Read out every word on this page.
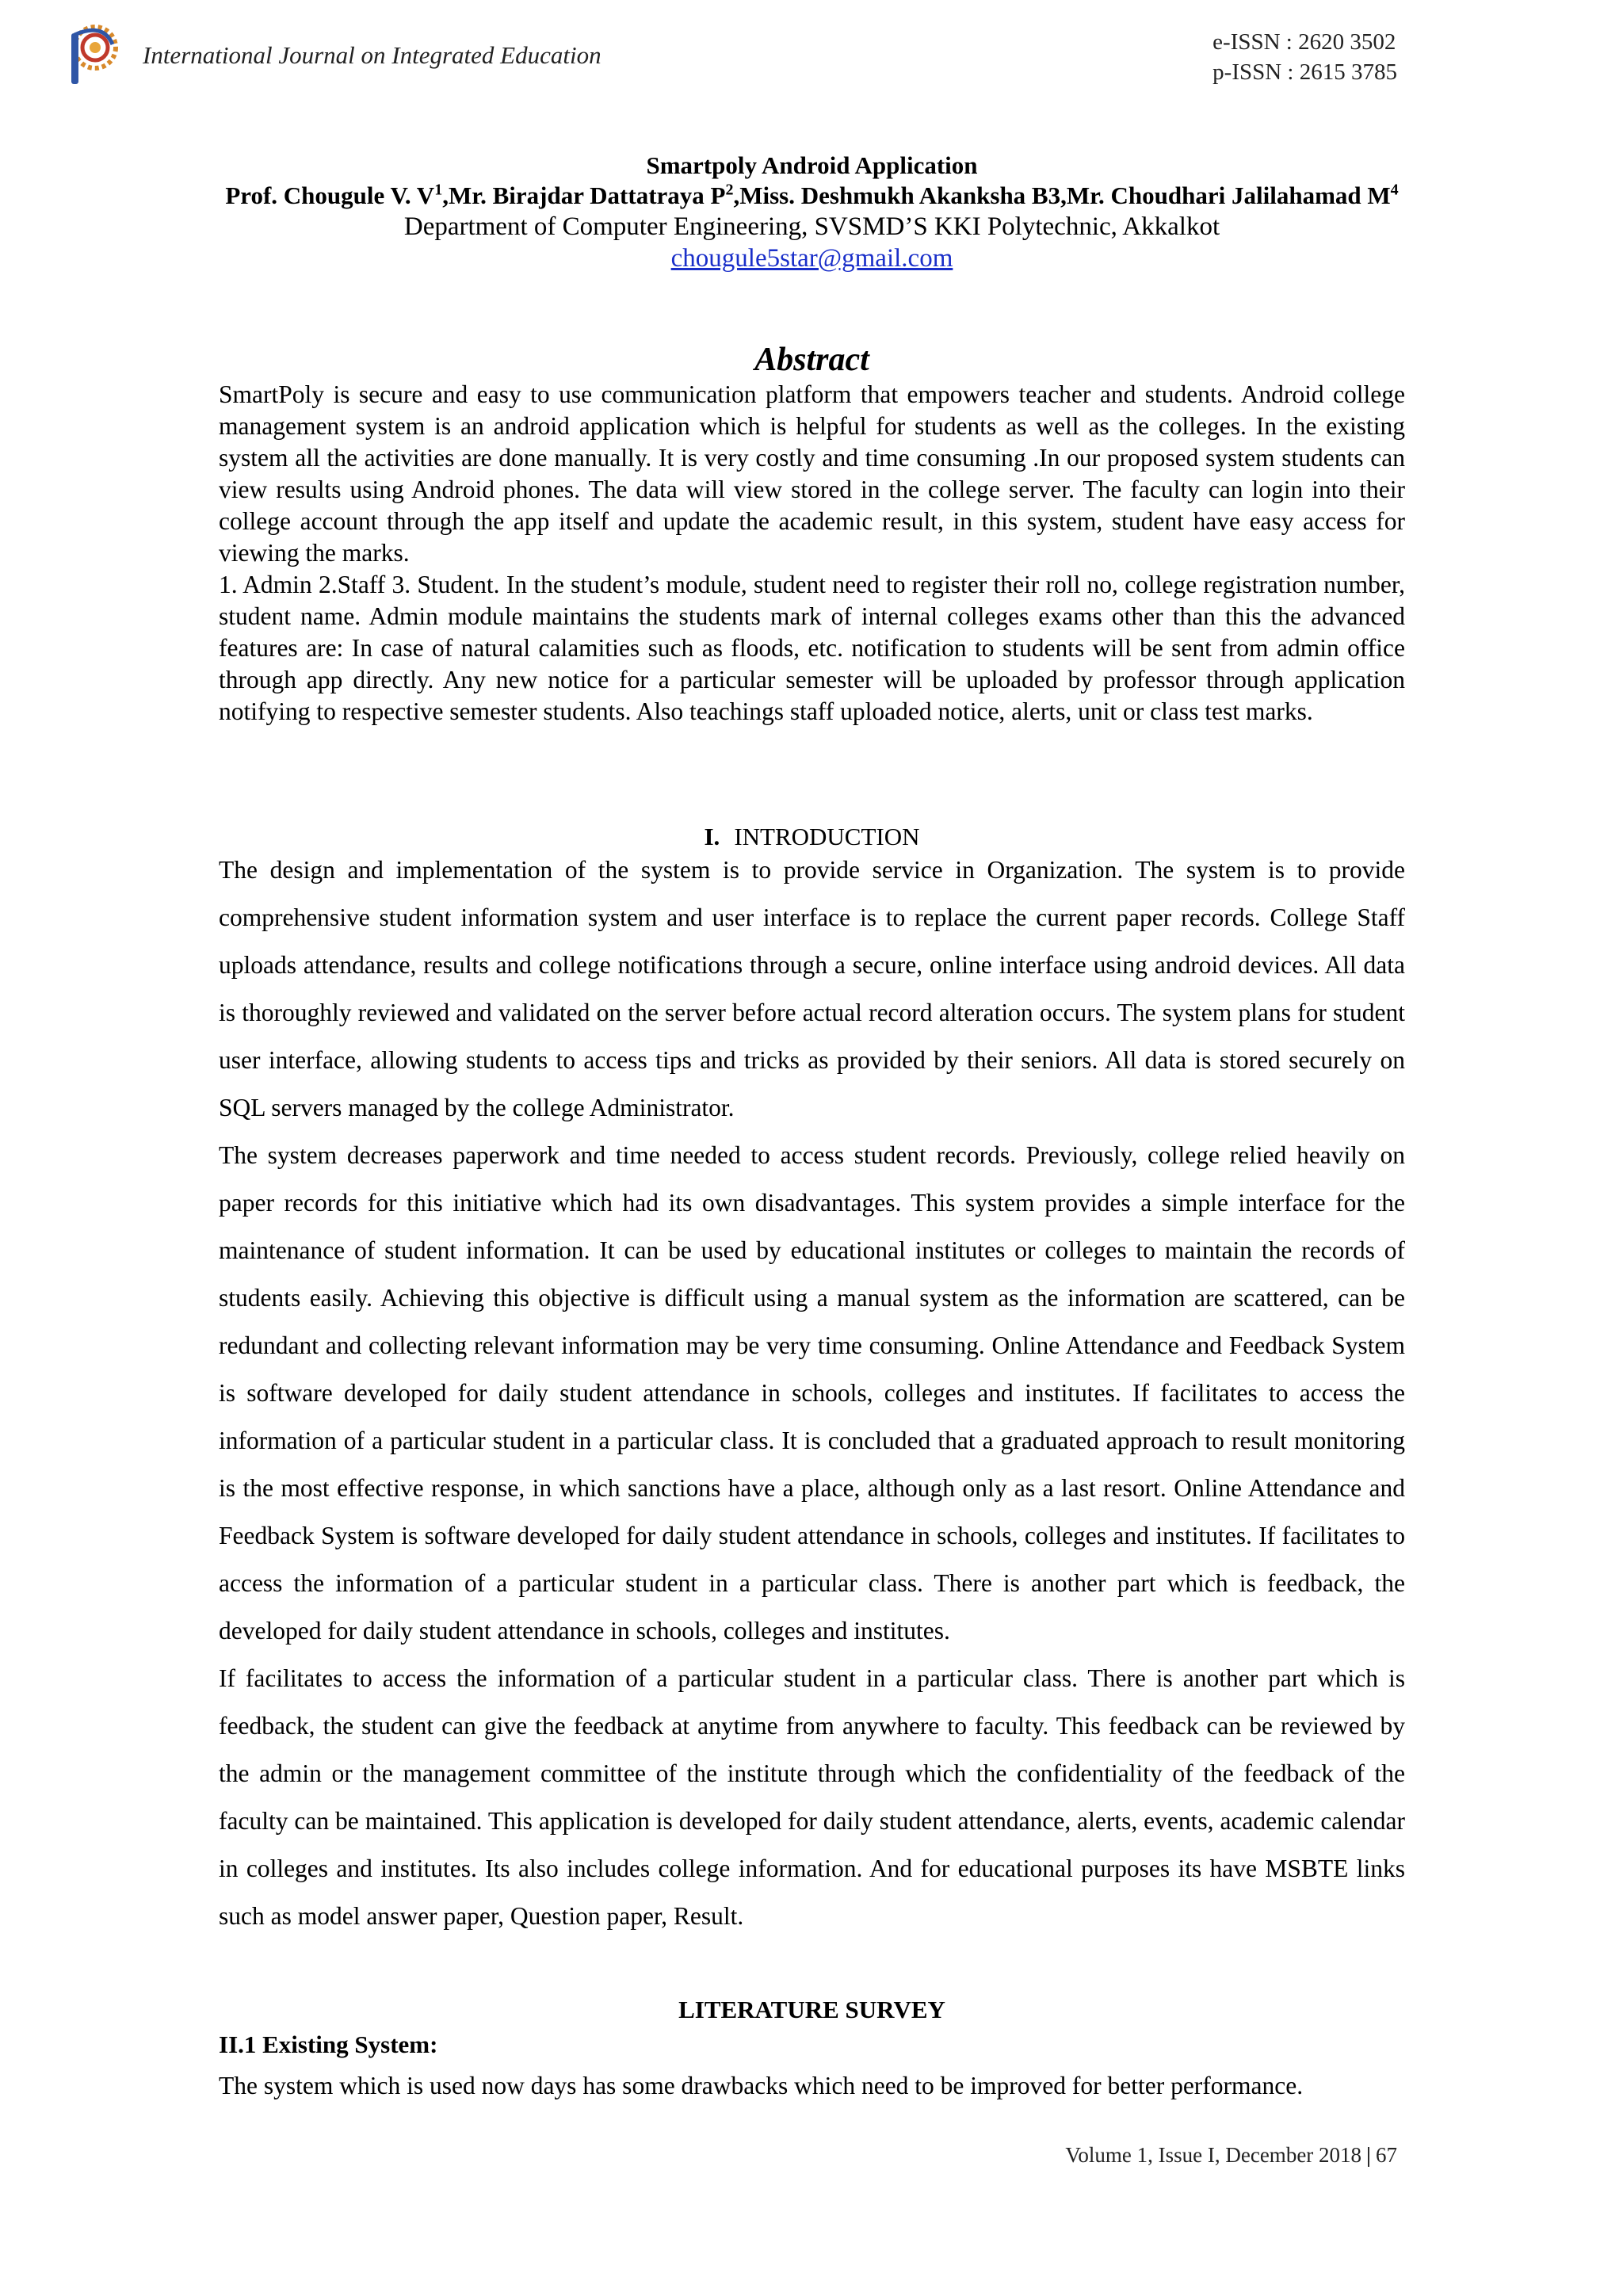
International Journal on Integrated Education	e-ISSN : 2620 3502
p-ISSN : 2615 3785
Smartpoly Android Application
Prof. Chougule V. $V^1,Mr$. Birajdar Dattatraya $P^2,Miss$. Deshmukh Akanksha B3,Mr. Choudhari Jalilahamad $M^4$
Department of Computer Engineering, SVSMD’S KKI Polytechnic, Akkalkot
chougule5star@gmail.com
Abstract

SmartPoly is secure and easy to use communication platform that empowers teacher and students. Android college management system is an android application which is helpful for students as well as the colleges. In the existing system all the activities are done manually. It is very costly and time consuming .In our proposed system students can view results using Android phones. The data will view stored in the college server. The faculty can login into their college account through the app itself and update the academic result, in this system, student have easy access for viewing the marks.

1. Admin 2.Staff 3. Student. In the student’s module, student need to register their roll no, college registration number, student name. Admin module maintains the students mark of internal colleges exams other than this the advanced features are: In case of natural calamities such as floods, etc. notification to students will be sent from admin office through app directly. Any new notice for a particular semester will be uploaded by professor through application notifying to respective semester students. Also teachings staff uploaded notice, alerts, unit or class test marks.

I. INTRODUCTION

The design and implementation of the system is to provide service in Organization. The system is to provide comprehensive student information system and user interface is to replace the current paper records. College Staff uploads attendance, results and college notifications through a secure, online interface using android devices. All data is thoroughly reviewed and validated on the server before actual record alteration occurs. The system plans for student user interface, allowing students to access tips and tricks as provided by their seniors. All data is stored securely on SQL servers managed by the college Administrator.

The system decreases paperwork and time needed to access student records. Previously, college relied heavily on paper records for this initiative which had its own disadvantages. This system provides a simple interface for the maintenance of student information. It can be used by educational institutes or colleges to maintain the records of students easily. Achieving this objective is difficult using a manual system as the information are scattered, can be redundant and collecting relevant information may be very time consuming. Online Attendance and Feedback System is software developed for daily student attendance in schools, colleges and institutes. If facilitates to access the information of a particular student in a particular class. It is concluded that a graduated approach to result monitoring is the most effective response, in which sanctions have a place, although only as a last resort. Online Attendance and Feedback System is software developed for daily student attendance in schools, colleges and institutes. If facilitates to access the information of a particular student in a particular class. There is another part which is feedback, the developed for daily student attendance in schools, colleges and institutes.

If facilitates to access the information of a particular student in a particular class. There is another part which is feedback, the student can give the feedback at anytime from anywhere to faculty. This feedback can be reviewed by the admin or the management committee of the institute through which the confidentiality of the feedback of the faculty can be maintained. This application is developed for daily student attendance, alerts, events, academic calendar in colleges and institutes. Its also includes college information. And for educational purposes its have MSBTE links such as model answer paper, Question paper, Result.

LITERATURE SURVEY
II.1 Existing System:

The system which is used now days has some drawbacks which need to be improved for better performance.

Volume 1, Issue I, December 2018 | 67
